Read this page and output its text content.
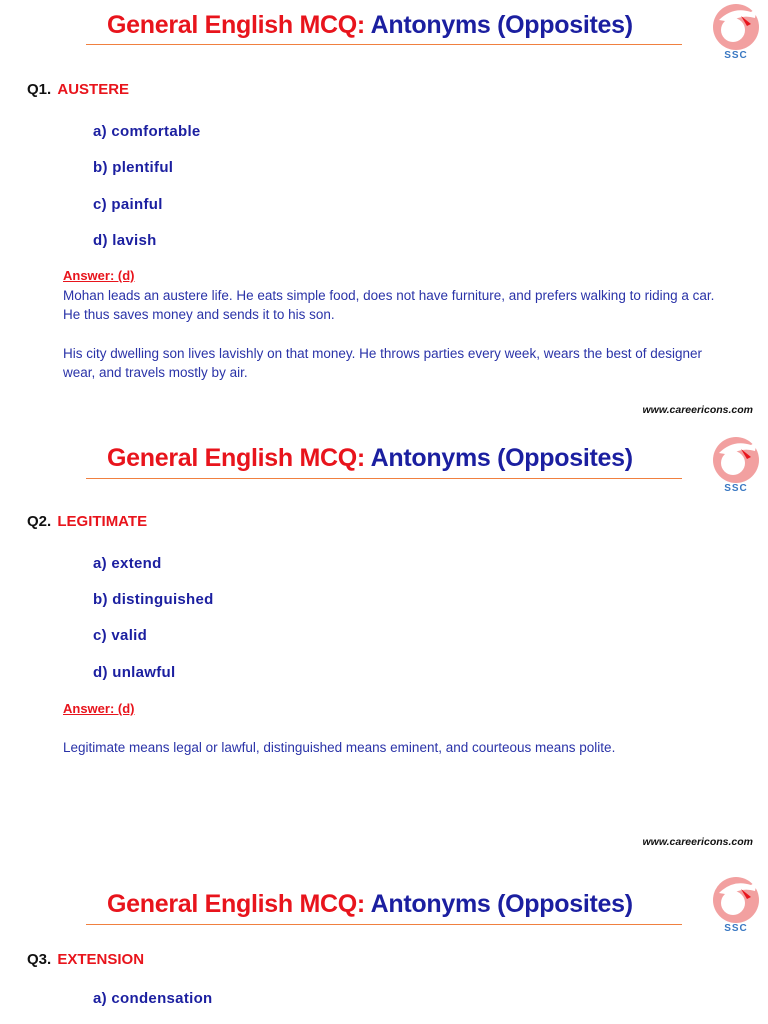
General English MCQ: Antonyms (Opposites)
SSC
Q1. AUSTERE
a) comfortable
b) plentiful
c) painful
d) lavish
Answer: (d)

Mohan leads an austere life. He eats simple food, does not have furniture, and prefers walking to riding a car. He thus saves money and sends it to his son.

His city dwelling son lives lavishly on that money. He throws parties every week, wears the best of designer wear, and travels mostly by air.

www.careericons.com
General English MCQ: Antonyms (Opposites)
SSC
Q2. LEGITIMATE
a) extend
b) distinguished
c) valid
d) unlawful
Answer: (d)

Legitimate means legal or lawful, distinguished means eminent, and courteous means polite.

www.careericons.com
General English MCQ: Antonyms (Opposites)
SSC
Q3. EXTENSION
a) condensation
